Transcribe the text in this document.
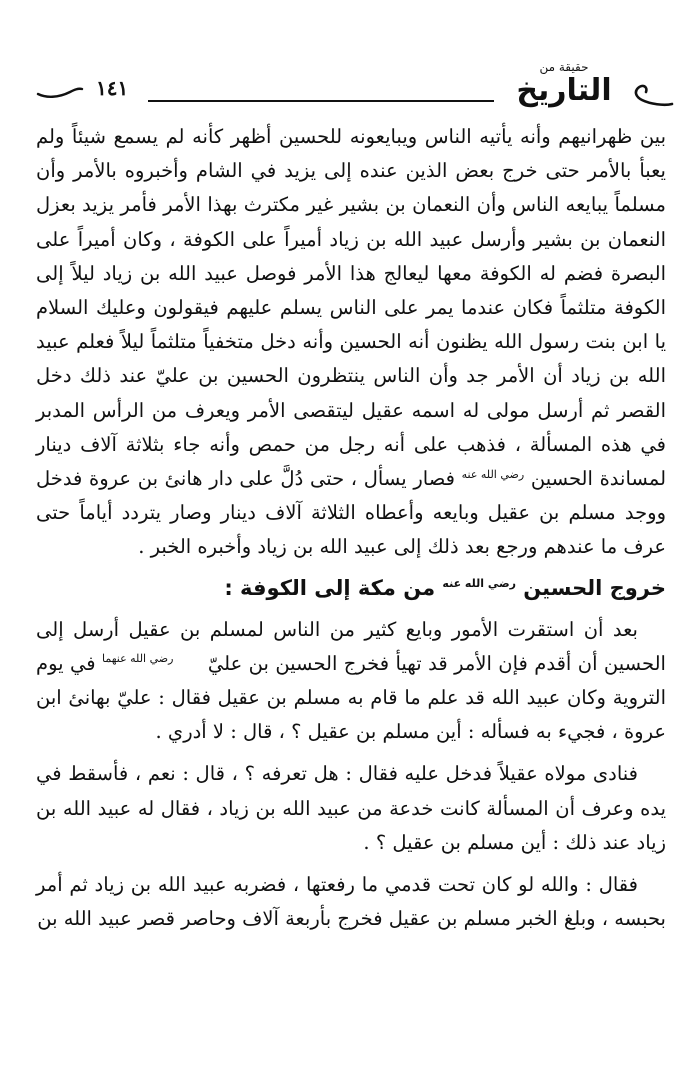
١٤١
حقيقة من
التاريخ

بين ظهرانيهم وأنه يأتيه الناس ويبايعونه للحسين أظهر كأنه لم يسمع شيئاً ولم يعبأ بالأمر حتى خرج بعض الذين عنده إلى يزيد في الشام وأخبروه بالأمر وأن مسلماً يبايعه الناس وأن النعمان بن بشير غير مكترث بهذا الأمر فأمر يزيد بعزل النعمان بن بشير وأرسل عبيد الله بن زياد أميراً على الكوفة ، وكان أميراً على البصرة فضم له الكوفة معها ليعالج هذا الأمر فوصل عبيد الله بن زياد ليلاً إلى الكوفة متلثماً فكان عندما يمر على الناس يسلم عليهم فيقولون وعليك السلام يا ابن بنت رسول الله يظنون أنه الحسين وأنه دخل متخفياً متلثماً ليلاً فعلم عبيد الله بن زياد أن الأمر جد وأن الناس ينتظرون الحسين بن عليّ عند ذلك دخل القصر ثم أرسل مولى له اسمه عقيل ليتقصى الأمر ويعرف من الرأس المدبر في هذه المسألة ، فذهب على أنه رجل من حمص وأنه جاء بثلاثة آلاف دينار لمساندة الحسين رضي الله عنه فصار يسأل ، حتى دُلَّ على دار هانئ بن عروة فدخل ووجد مسلم بن عقيل وبايعه وأعطاه الثلاثة آلاف دينار وصار يتردد أياماً حتى عرف ما عندهم ورجع بعد ذلك إلى عبيد الله بن زياد وأخبره الخبر .

خروج الحسين رضي الله عنه من مكة إلى الكوفة :

بعد أن استقرت الأمور وبايع كثير من الناس لمسلم بن عقيل أرسل إلى الحسين أن أقدم فإن الأمر قد تهيأ فخرج الحسين بن عليّ رضي الله عنهما في يوم التروية وكان عبيد الله قد علم ما قام به مسلم بن عقيل فقال : عليّ بهانئ ابن عروة ، فجيء به فسأله : أين مسلم بن عقيل ؟ ، قال : لا أدري .

فنادى مولاه عقيلاً فدخل عليه فقال : هل تعرفه ؟ ، قال : نعم ، فأسقط في يده وعرف أن المسألة كانت خدعة من عبيد الله بن زياد ، فقال له عبيد الله بن زياد عند ذلك : أين مسلم بن عقيل ؟ .

فقال : والله لو كان تحت قدمي ما رفعتها ، فضربه عبيد الله بن زياد ثم أمر بحبسه ، وبلغ الخبر مسلم بن عقيل فخرج بأربعة آلاف وحاصر قصر عبيد الله بن
